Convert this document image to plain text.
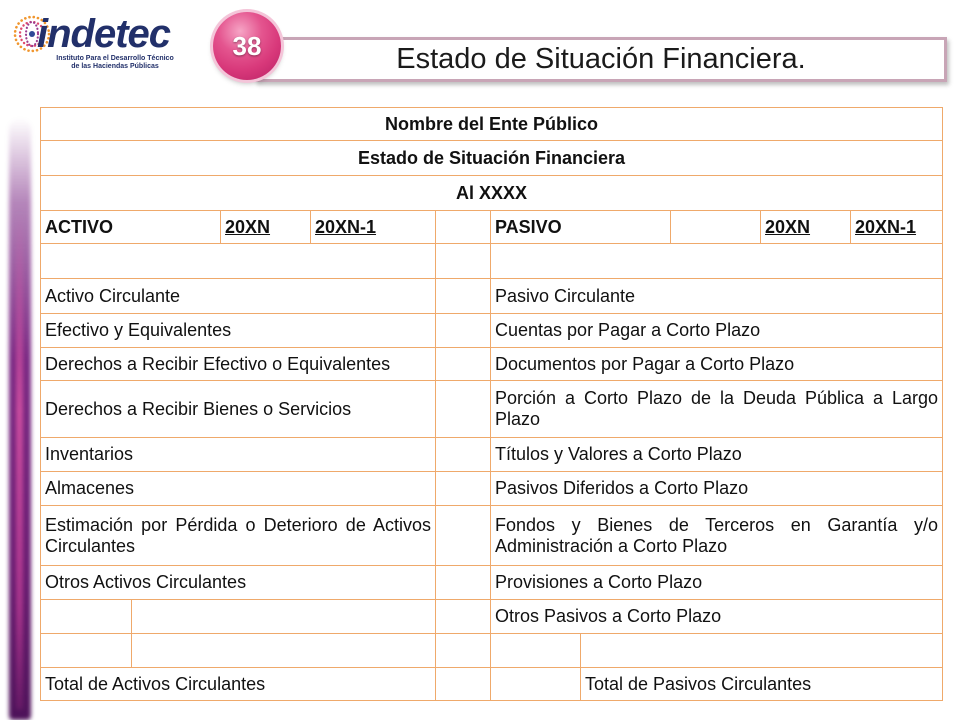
indetec
Instituto Para el Desarrollo Técnico
de las Haciendas Públicas
38	Estado de Situación Financiera.
Nombre del Ente Público									
Estado de Situación Financiera									
Al XXXX									
ACTIVO		20XN	20XN-1		PASIVO			20XN	20XN-1

Activo Circulante					Pasivo Circulante				
Efectivo y Equivalentes					Cuentas por Pagar a Corto Plazo				
Derechos a Recibir Efectivo o Equivalentes					Documentos por Pagar a Corto Plazo				
Derechos a Recibir Bienes o Servicios					Porción a Corto Plazo de la Deuda Pública a Largo Plazo				
Inventarios					Títulos y Valores a Corto Plazo				
Almacenes					Pasivos Diferidos a Corto Plazo				
Estimación por Pérdida o Deterioro de Activos Circulantes					Fondos y Bienes de Terceros en Garantía y/o Administración a Corto Plazo				
Otros Activos Circulantes					Provisiones a Corto Plazo				
					Otros Pasivos a Corto Plazo				

Total de Activos Circulantes						Total de Pasivos Circulantes			
